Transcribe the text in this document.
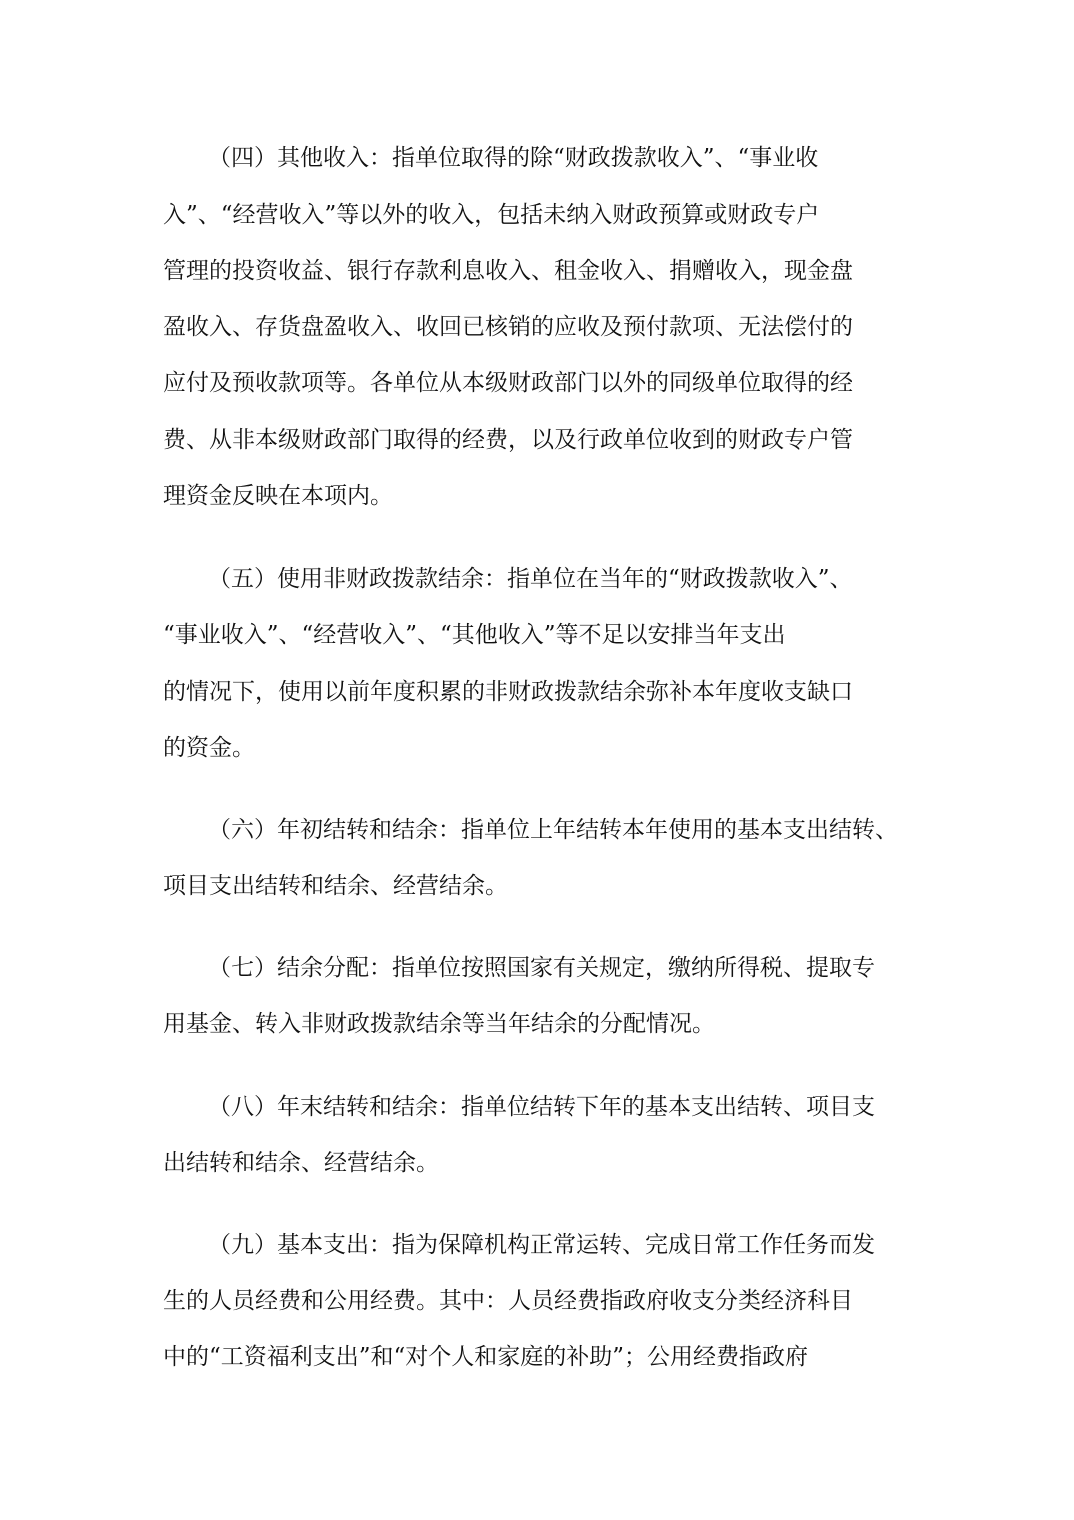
（四）其他收入：指单位取得的除“财政拨款收入”、“事业收
入”、“经营收入”等以外的收入，包括未纳入财政预算或财政专户
管理的投资收益、银行存款利息收入、租金收入、捐赠收入，现金盘
盈收入、存货盘盈收入、收回已核销的应收及预付款项、无法偿付的
应付及预收款项等。各单位从本级财政部门以外的同级单位取得的经
费、从非本级财政部门取得的经费，以及行政单位收到的财政专户管
理资金反映在本项内。
（五）使用非财政拨款结余：指单位在当年的“财政拨款收入”、
“事业收入”、“经营收入”、“其他收入”等不足以安排当年支出
的情况下，使用以前年度积累的非财政拨款结余弥补本年度收支缺口
的资金。
（六）年初结转和结余：指单位上年结转本年使用的基本支出结转、
项目支出结转和结余、经营结余。
（七）结余分配：指单位按照国家有关规定，缴纳所得税、提取专
用基金、转入非财政拨款结余等当年结余的分配情况。
（八）年末结转和结余：指单位结转下年的基本支出结转、项目支
出结转和结余、经营结余。
（九）基本支出：指为保障机构正常运转、完成日常工作任务而发
生的人员经费和公用经费。其中：人员经费指政府收支分类经济科目
中的“工资福利支出”和“对个人和家庭的补助”；公用经费指政府
